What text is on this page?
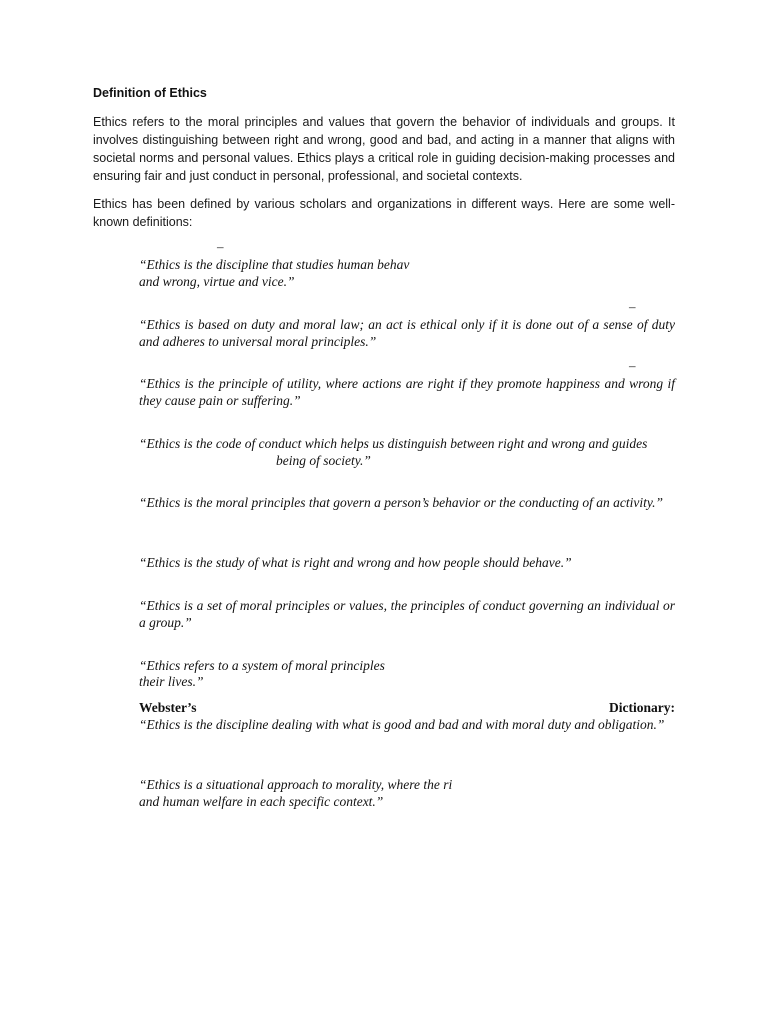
Definition of Ethics
Ethics refers to the moral principles and values that govern the behavior of individuals and groups. It involves distinguishing between right and wrong, good and bad, and acting in a manner that aligns with societal norms and personal values. Ethics plays a critical role in guiding decision-making processes and ensuring fair and just conduct in personal, professional, and societal contexts.
Ethics has been defined by various scholars and organizations in different ways. Here are some well-known definitions:
–
“Ethics is the discipline that studies human behav
and wrong, virtue and vice.”
–
“Ethics is based on duty and moral law; an act is ethical only if it is done out of a sense of duty and adheres to universal moral principles.”
–
“Ethics is the principle of utility, where actions are right if they promote happiness and wrong if they cause pain or suffering.”
“Ethics is the code of conduct which helps us distinguish between right and wrong and guides
being of society.”
“Ethics is the moral principles that govern a person’s behavior or the conducting of an activity.”
“Ethics is the study of what is right and wrong and how people should behave.”
“Ethics is a set of moral principles or values, the principles of conduct governing an individual or a group.”
“Ethics refers to a system of moral principles
their lives.”
Webster’s	Dictionary:
“Ethics is the discipline dealing with what is good and bad and with moral duty and obligation.”
“Ethics is a situational approach to morality, where the ri
and human welfare in each specific context.”
